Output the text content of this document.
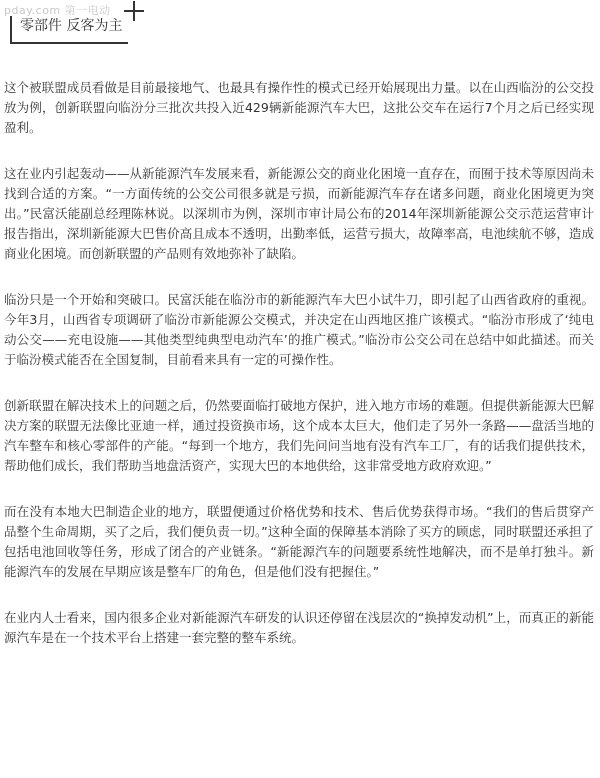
pday.com 第一电动
零部件 反客为主

这个被联盟成员看做是目前最接地气、也最具有操作性的模式已经开始展现出力量。以在山西临汾的公交投放为例，创新联盟向临汾分三批次共投入近429辆新能源汽车大巴，这批公交车在运行7个月之后已经实现盈利。

这在业内引起轰动——从新能源汽车发展来看，新能源公交的商业化困境一直存在，而囿于技术等原因尚未找到合适的方案。“一方面传统的公交公司很多就是亏损，而新能源汽车存在诸多问题，商业化困境更为突出。”民富沃能副总经理陈林说。以深圳市为例，深圳市审计局公布的2014年深圳新能源公交示范运营审计报告指出，深圳新能源大巴售价高且成本不透明，出勤率低，运营亏损大，故障率高，电池续航不够，造成商业化困境。而创新联盟的产品则有效地弥补了缺陷。

临汾只是一个开始和突破口。民富沃能在临汾市的新能源汽车大巴小试牛刀，即引起了山西省政府的重视。今年3月，山西省专项调研了临汾市新能源公交模式，并决定在山西地区推广该模式。“临汾市形成了‘纯电动公交——充电设施——其他类型纯典型电动汽车’的推广模式。”临汾市公交公司在总结中如此描述。而关于临汾模式能否在全国复制，目前看来具有一定的可操作性。

创新联盟在解决技术上的问题之后，仍然要面临打破地方保护，进入地方市场的难题。但提供新能源大巴解决方案的联盟无法像比亚迪一样，通过投资换市场，这个成本太巨大，他们走了另外一条路——盘活当地的汽车整车和核心零部件的产能。“每到一个地方，我们先问问当地有没有汽车工厂，有的话我们提供技术，帮助他们成长，我们帮助当地盘活资产，实现大巴的本地供给，这非常受地方政府欢迎。”

而在没有本地大巴制造企业的地方，联盟便通过价格优势和技术、售后优势获得市场。“我们的售后贯穿产品整个生命周期，买了之后，我们便负责一切。”这种全面的保障基本消除了买方的顾虑，同时联盟还承担了包括电池回收等任务，形成了闭合的产业链条。“新能源汽车的问题要系统性地解决，而不是单打独斗。新能源汽车的发展在早期应该是整车厂的角色，但是他们没有把握住。”

在业内人士看来，国内很多企业对新能源汽车研发的认识还停留在浅层次的“换掉发动机”上，而真正的新能源汽车是在一个技术平台上搭建一套完整的整车系统。
